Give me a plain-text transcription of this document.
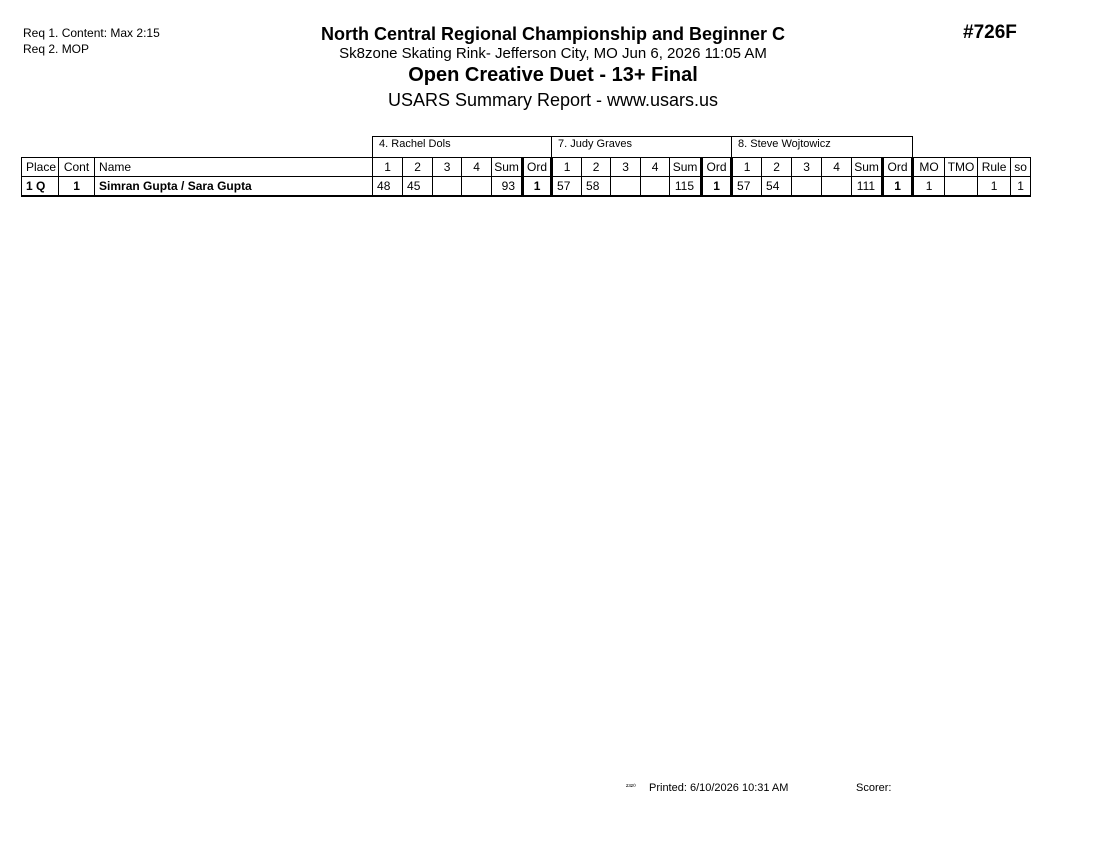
Req 1. Content: Max 2:15
Req 2. MOP
North Central Regional Championship and Beginner C
Sk8zone Skating Rink- Jefferson City, MO Jun 6, 2026 11:05 AM
Open Creative Duet - 13+ Final
USARS Summary Report - www.usars.us
#726F
			4. Rachel Dols						7. Judy Graves						8. Steve Wojtowicz									
Place	Cont	Name	1	2	3	4	Sum	Ord	1	2	3	4	Sum	Ord	1	2	3	4	Sum	Ord	MO	TMO	Rule	so
1 Q	1	Simran Gupta / Sara Gupta	48	45			93	1	57	58			115	1	57	54			111	1	1		1	1
²³²⁰ Printed: 6/10/2026 10:31 AM	Scorer:
